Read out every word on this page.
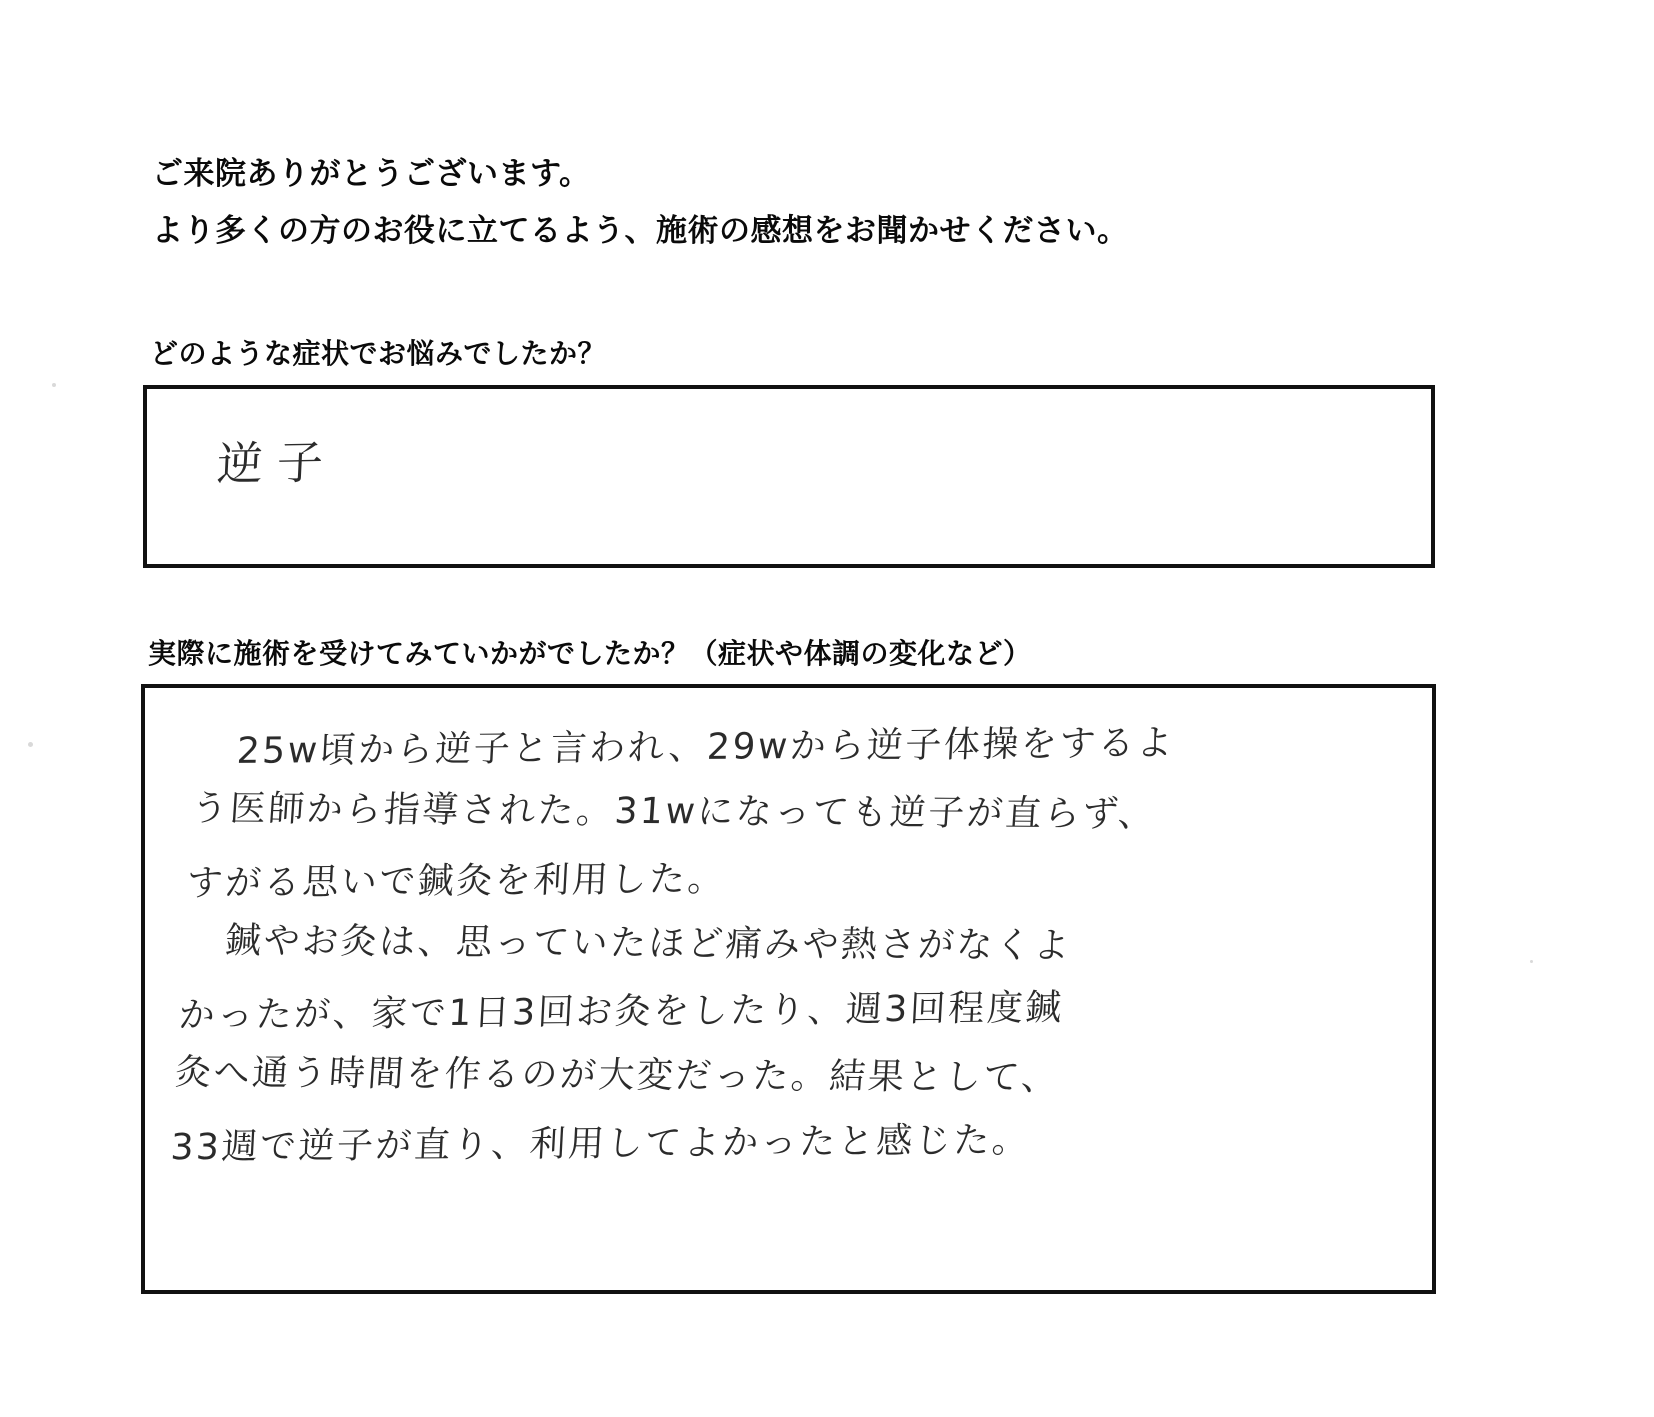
ご来院ありがとうございます。
より多くの方のお役に立てるよう、施術の感想をお聞かせください。
どのような症状でお悩みでしたか？
逆子
実際に施術を受けてみていかがでしたか？（症状や体調の変化など）
25w頃から逆子と言われ、29wから逆子体操をするよ
う医師から指導された。31wになっても逆子が直らず、
すがる思いで鍼灸を利用した。
鍼やお灸は、思っていたほど痛みや熱さがなくよ
かったが、家で1日3回お灸をしたり、週3回程度鍼
灸へ通う時間を作るのが大変だった。結果として、
33週で逆子が直り、利用してよかったと感じた。
